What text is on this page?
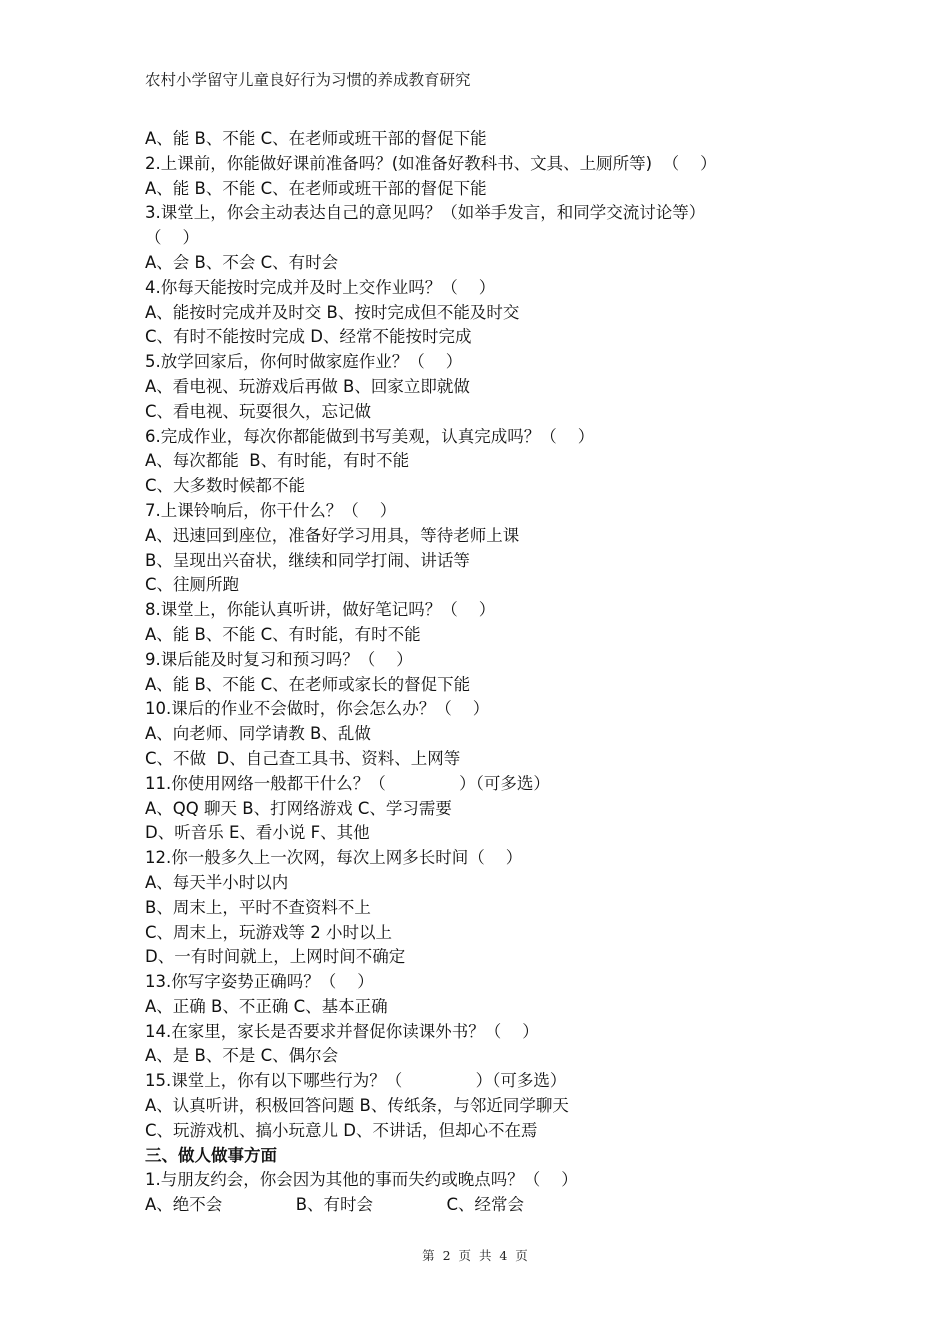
农村小学留守儿童良好行为习惯的养成教育研究
A、能 B、不能 C、在老师或班干部的督促下能
2.上课前，你能做好课前准备吗？(如准备好教科书、文具、上厕所等)  （    ）
A、能 B、不能 C、在老师或班干部的督促下能
3.课堂上，你会主动表达自己的意见吗？（如举手发言，和同学交流讨论等）
（    ）
A、会 B、不会 C、有时会
4.你每天能按时完成并及时上交作业吗？（    ）
A、能按时完成并及时交 B、按时完成但不能及时交
C、有时不能按时完成 D、经常不能按时完成
5.放学回家后，你何时做家庭作业？（    ）
A、看电视、玩游戏后再做 B、回家立即就做
C、看电视、玩耍很久，忘记做
6.完成作业，每次你都能做到书写美观，认真完成吗？（    ）
A、每次都能  B、有时能，有时不能
C、大多数时候都不能
7.上课铃响后，你干什么？（    ）
A、迅速回到座位，准备好学习用具，等待老师上课
B、呈现出兴奋状，继续和同学打闹、讲话等
C、往厕所跑
8.课堂上，你能认真听讲，做好笔记吗？（    ）
A、能 B、不能 C、有时能，有时不能
9.课后能及时复习和预习吗？（    ）
A、能 B、不能 C、在老师或家长的督促下能
10.课后的作业不会做时，你会怎么办？（    ）
A、向老师、同学请教 B、乱做
C、不做  D、自己查工具书、资料、上网等
11.你使用网络一般都干什么？（              ）（可多选）
A、QQ 聊天 B、打网络游戏 C、学习需要
D、听音乐 E、看小说 F、其他
12.你一般多久上一次网，每次上网多长时间（    ）
A、每天半小时以内
B、周末上，平时不查资料不上
C、周末上，玩游戏等 2 小时以上
D、一有时间就上，上网时间不确定
13.你写字姿势正确吗？（    ）
A、正确 B、不正确 C、基本正确
14.在家里，家长是否要求并督促你读课外书？（    ）
A、是 B、不是 C、偶尔会
15.课堂上，你有以下哪些行为？（              ）（可多选）
A、认真听讲，积极回答问题 B、传纸条，与邻近同学聊天
C、玩游戏机、搞小玩意儿 D、不讲话，但却心不在焉
三、做人做事方面
1.与朋友约会，你会因为其他的事而失约或晚点吗？（    ）
A、绝不会              B、有时会              C、经常会
第  2  页  共  4  页
